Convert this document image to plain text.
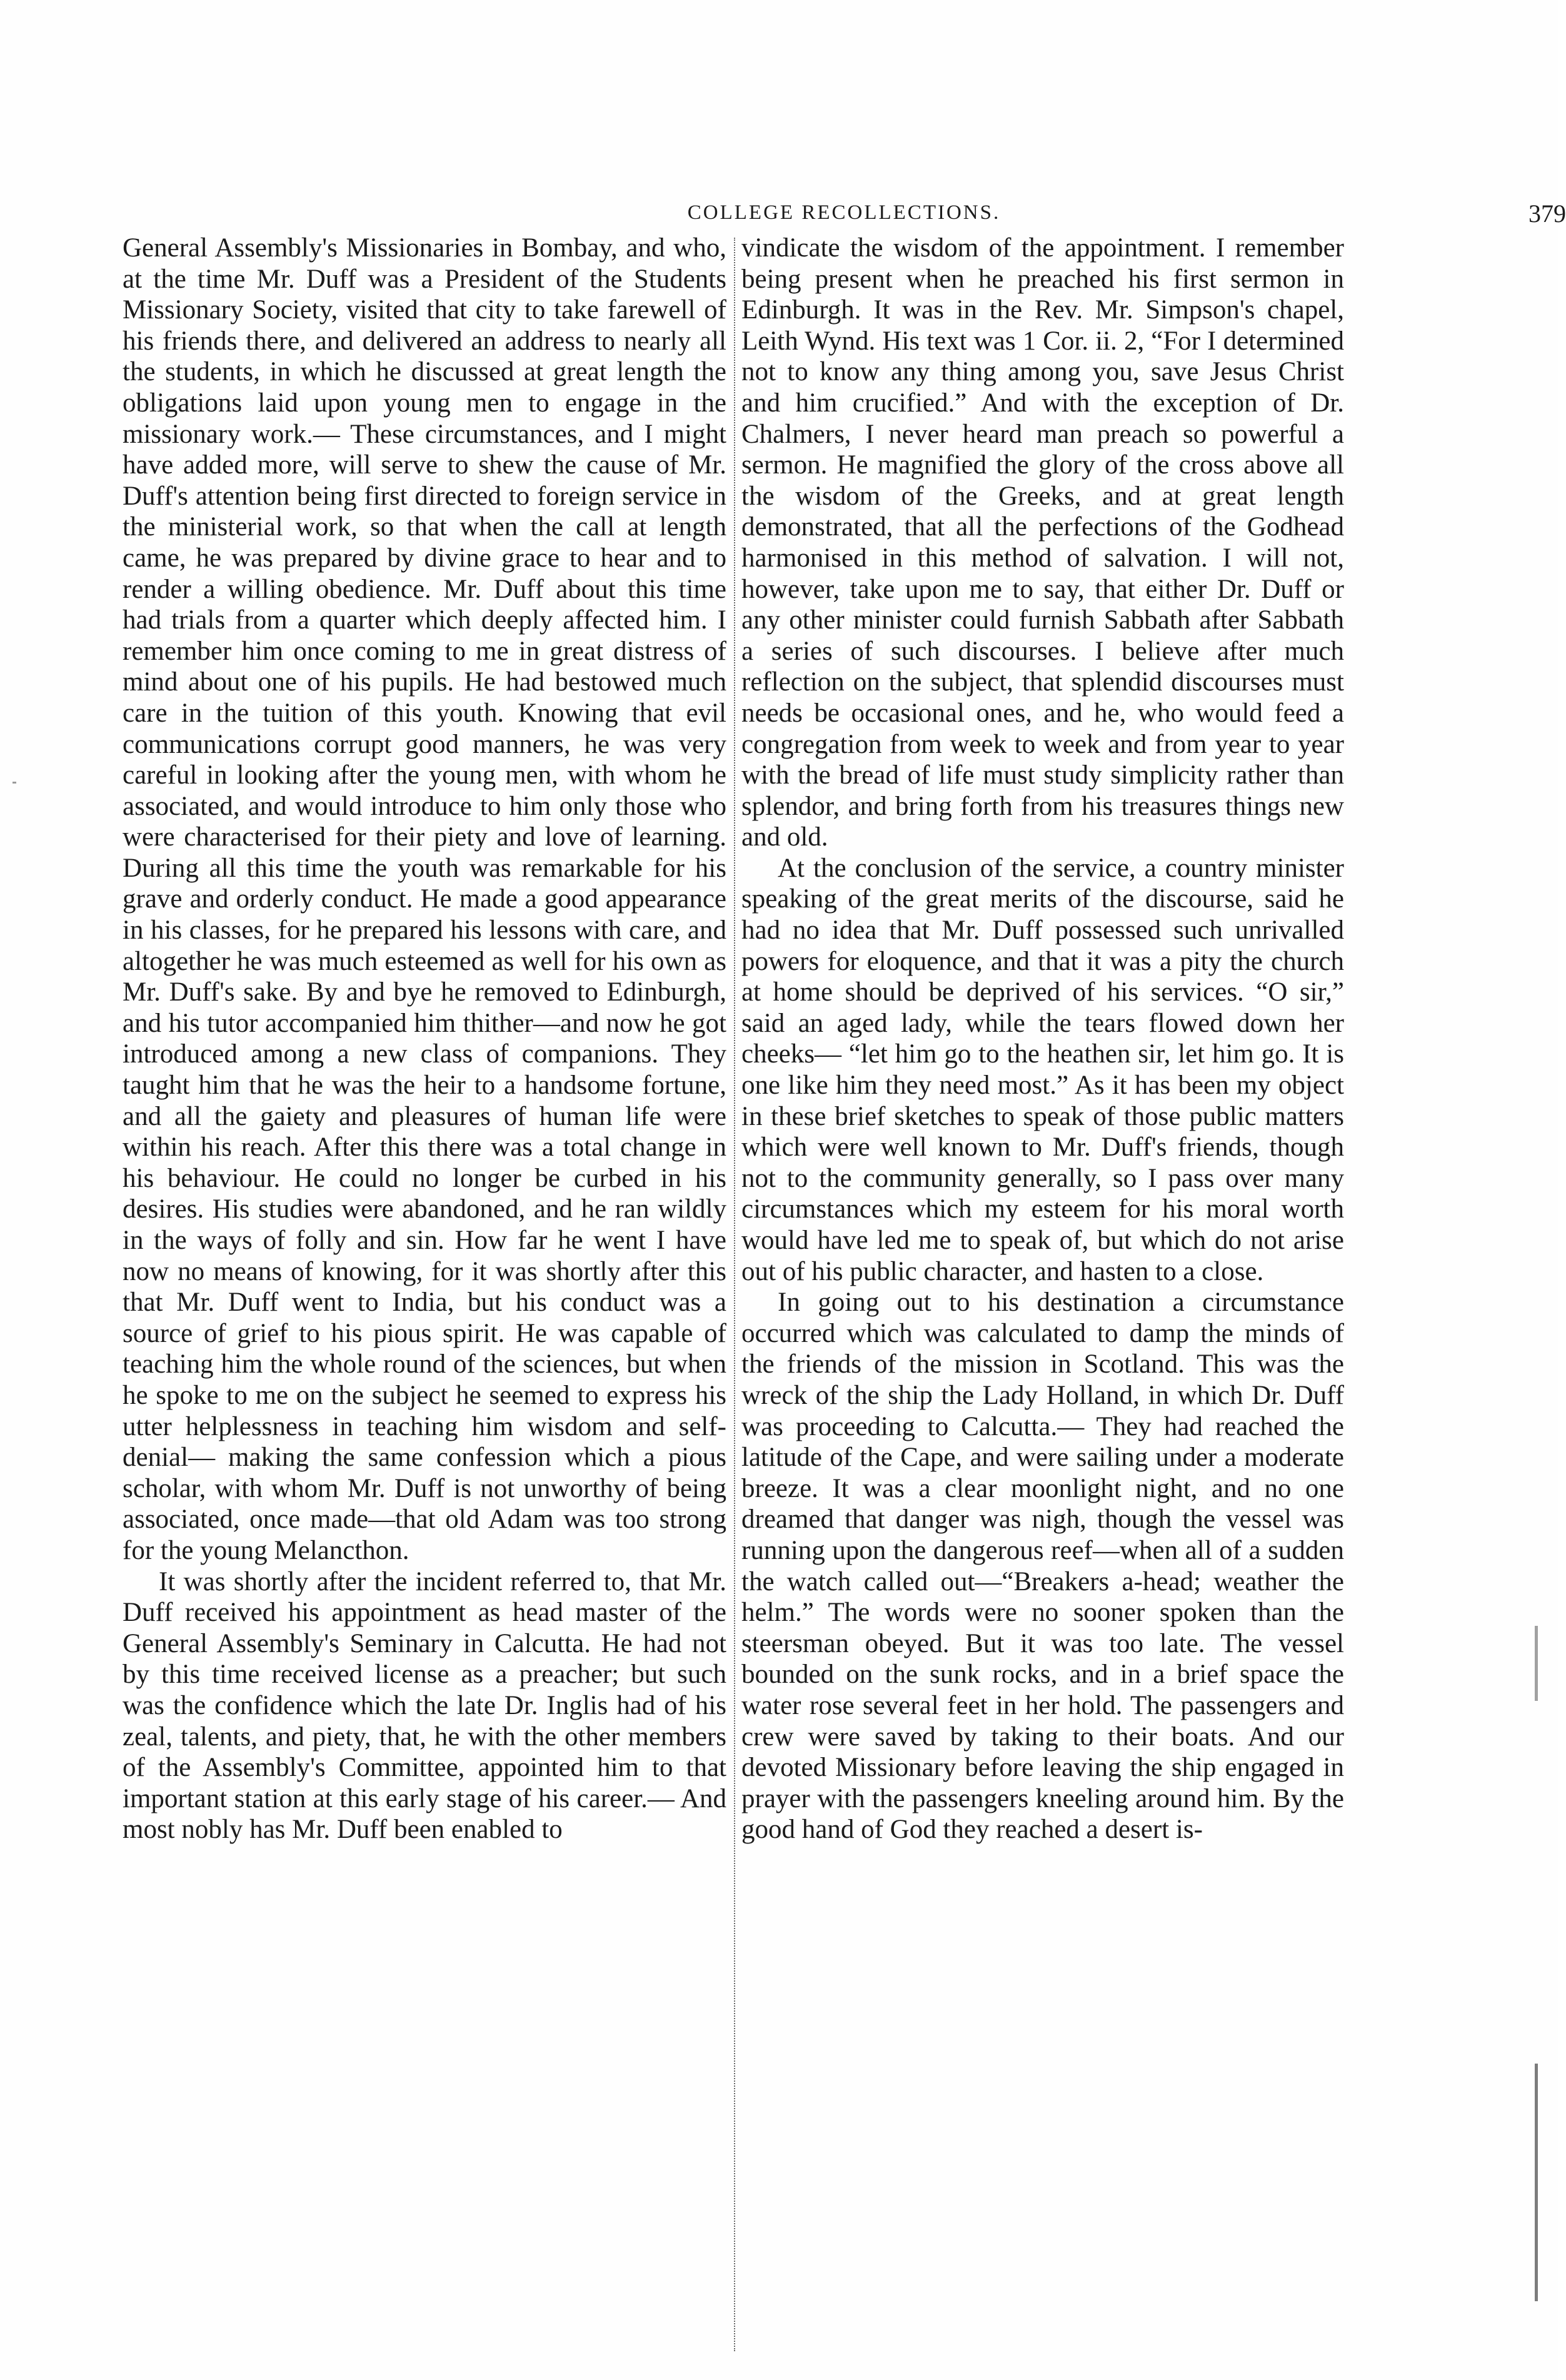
COLLEGE RECOLLECTIONS.	379

General Assembly's Missionaries in Bombay, and who, at the time Mr. Duff was a President of the Students Missionary Society, visited that city to take farewell of his friends there, and delivered an address to nearly all the students, in which he discussed at great length the obligations laid upon young men to engage in the missionary work.— These circumstances, and I might have added more, will serve to shew the cause of Mr. Duff's attention being first directed to foreign service in the ministerial work, so that when the call at length came, he was prepared by divine grace to hear and to render a willing obedience. Mr. Duff about this time had trials from a quarter which deeply affected him. I remember him once coming to me in great distress of mind about one of his pupils. He had bestowed much care in the tuition of this youth. Knowing that evil communications corrupt good manners, he was very careful in looking after the young men, with whom he associated, and would introduce to him only those who were characterised for their piety and love of learning. During all this time the youth was remarkable for his grave and orderly conduct. He made a good appearance in his classes, for he prepared his lessons with care, and altogether he was much esteemed as well for his own as Mr. Duff's sake. By and bye he removed to Edinburgh, and his tutor accompanied him thither—and now he got introduced among a new class of companions. They taught him that he was the heir to a handsome fortune, and all the gaiety and pleasures of human life were within his reach. After this there was a total change in his behaviour. He could no longer be curbed in his desires. His studies were abandoned, and he ran wildly in the ways of folly and sin. How far he went I have now no means of knowing, for it was shortly after this that Mr. Duff went to India, but his conduct was a source of grief to his pious spirit. He was capable of teaching him the whole round of the sciences, but when he spoke to me on the subject he seemed to express his utter helplessness in teaching him wisdom and self-denial— making the same confession which a pious scholar, with whom Mr. Duff is not unworthy of being associated, once made—that old Adam was too strong for the young Melancthon.

It was shortly after the incident referred to, that Mr. Duff received his appointment as head master of the General Assembly's Seminary in Calcutta. He had not by this time received license as a preacher; but such was the confidence which the late Dr. Inglis had of his zeal, talents, and piety, that, he with the other members of the Assembly's Committee, appointed him to that important station at this early stage of his career.— And most nobly has Mr. Duff been enabled to

vindicate the wisdom of the appointment. I remember being present when he preached his first sermon in Edinburgh. It was in the Rev. Mr. Simpson's chapel, Leith Wynd. His text was 1 Cor. ii. 2, “For I determined not to know any thing among you, save Jesus Christ and him crucified.” And with the exception of Dr. Chalmers, I never heard man preach so powerful a sermon. He magnified the glory of the cross above all the wisdom of the Greeks, and at great length demonstrated, that all the perfections of the Godhead harmonised in this method of salvation. I will not, however, take upon me to say, that either Dr. Duff or any other minister could furnish Sabbath after Sabbath a series of such discourses. I believe after much reflection on the subject, that splendid discourses must needs be occasional ones, and he, who would feed a congregation from week to week and from year to year with the bread of life must study simplicity rather than splendor, and bring forth from his treasures things new and old.

At the conclusion of the service, a country minister speaking of the great merits of the discourse, said he had no idea that Mr. Duff possessed such unrivalled powers for eloquence, and that it was a pity the church at home should be deprived of his services. “O sir,” said an aged lady, while the tears flowed down her cheeks— “let him go to the heathen sir, let him go. It is one like him they need most.” As it has been my object in these brief sketches to speak of those public matters which were well known to Mr. Duff's friends, though not to the community generally, so I pass over many circumstances which my esteem for his moral worth would have led me to speak of, but which do not arise out of his public character, and hasten to a close.

In going out to his destination a circumstance occurred which was calculated to damp the minds of the friends of the mission in Scotland. This was the wreck of the ship the Lady Holland, in which Dr. Duff was proceeding to Calcutta.— They had reached the latitude of the Cape, and were sailing under a moderate breeze. It was a clear moonlight night, and no one dreamed that danger was nigh, though the vessel was running upon the dangerous reef—when all of a sudden the watch called out—“Breakers a-head; weather the helm.” The words were no sooner spoken than the steersman obeyed. But it was too late. The vessel bounded on the sunk rocks, and in a brief space the water rose several feet in her hold. The passengers and crew were saved by taking to their boats. And our devoted Missionary before leaving the ship engaged in prayer with the passengers kneeling around him. By the good hand of God they reached a desert is-
